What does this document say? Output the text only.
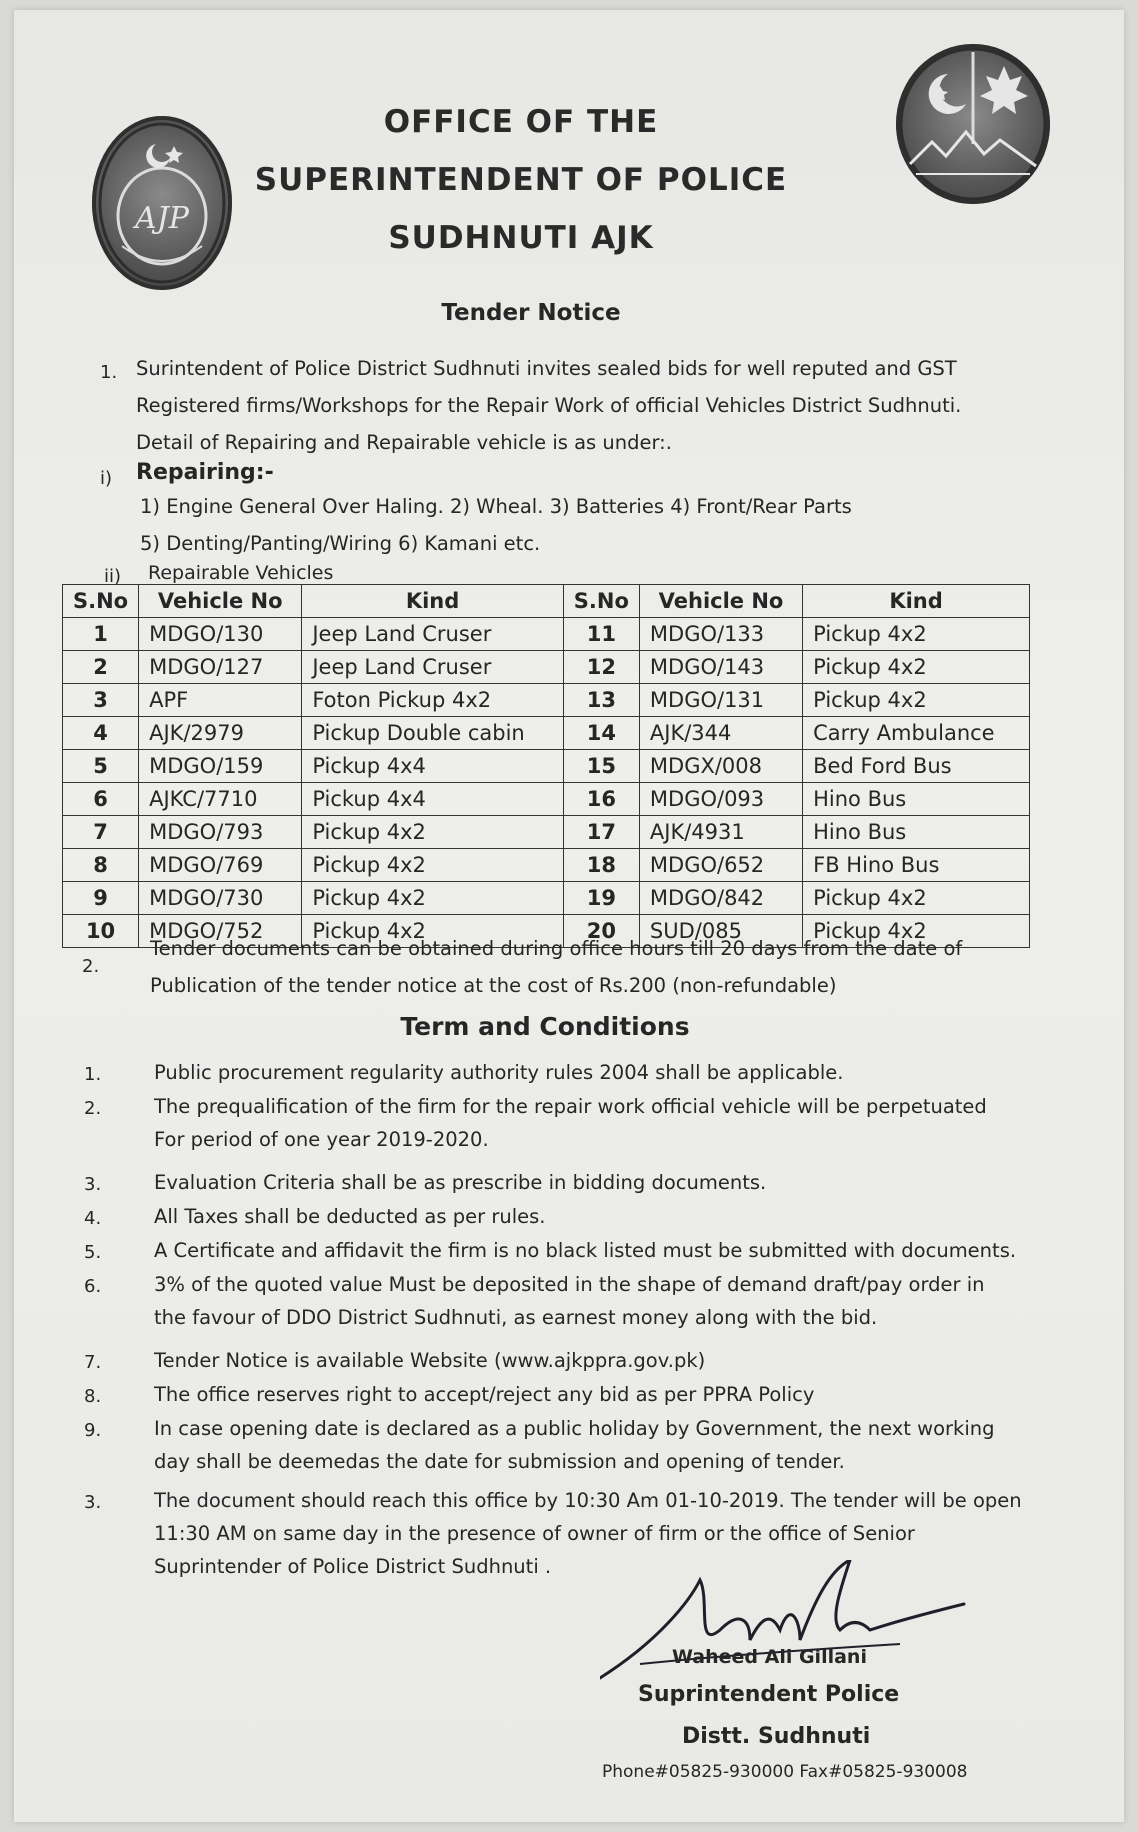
AJP
OFFICE OF THE
SUPERINTENDENT OF POLICE
SUDHNUTI AJK
Tender Notice
1. Surintendent of Police District Sudhnuti invites sealed bids for well reputed and GST
Registered firms/Workshops for the Repair Work of official Vehicles District Sudhnuti.
Detail of Repairing and Repairable vehicle is as under:.
i) Repairing:-
1) Engine General Over Haling. 2) Wheal. 3) Batteries 4) Front/Rear Parts
5) Denting/Panting/Wiring 6) Kamani etc.
ii) Repairable Vehicles
S.No	Vehicle No	Kind	S.No	Vehicle No	Kind
1	MDGO/130	Jeep Land Cruser	11	MDGO/133	Pickup 4x2
2	MDGO/127	Jeep Land Cruser	12	MDGO/143	Pickup 4x2
3	APF	Foton Pickup 4x2	13	MDGO/131	Pickup 4x2
4	AJK/2979	Pickup Double cabin	14	AJK/344	Carry Ambulance
5	MDGO/159	Pickup 4x4	15	MDGX/008	Bed Ford Bus
6	AJKC/7710	Pickup 4x4	16	MDGO/093	Hino Bus
7	MDGO/793	Pickup 4x2	17	AJK/4931	Hino Bus
8	MDGO/769	Pickup 4x2	18	MDGO/652	FB Hino Bus
9	MDGO/730	Pickup 4x2	19	MDGO/842	Pickup 4x2
10	MDGO/752	Pickup 4x2	20	SUD/085	Pickup 4x2
2.
Tender documents can be obtained during office hours till 20 days from the date of
Publication of the tender notice at the cost of Rs.200 (non-refundable)
Term and Conditions
1.	Public procurement regularity authority rules 2004 shall be applicable.
2.	The prequalification of the firm for the repair work official vehicle will be perpetuated
For period of one year 2019-2020.
3.	Evaluation Criteria shall be as prescribe in bidding documents.
4.	All Taxes shall be deducted as per rules.
5.	A Certificate and affidavit the firm is no black listed must be submitted with documents.
6.	3% of the quoted value Must be deposited in the shape of demand draft/pay order in
the favour of DDO District Sudhnuti, as earnest money along with the bid.
7.	Tender Notice is available Website (www.ajkppra.gov.pk)
8.	The office reserves right to accept/reject any bid as per PPRA Policy
9.	In case opening date is declared as a public holiday by Government, the next working
day shall be deemedas the date for submission and opening of tender.
3.	The document should reach this office by 10:30 Am 01-10-2019. The tender will be open
11:30 AM on same day in the presence of owner of firm or the office of Senior
Suprintender of Police District Sudhnuti .
Waheed Ali Gillani
Suprintendent Police
Distt. Sudhnuti
Phone#05825-930000 Fax#05825-930008
